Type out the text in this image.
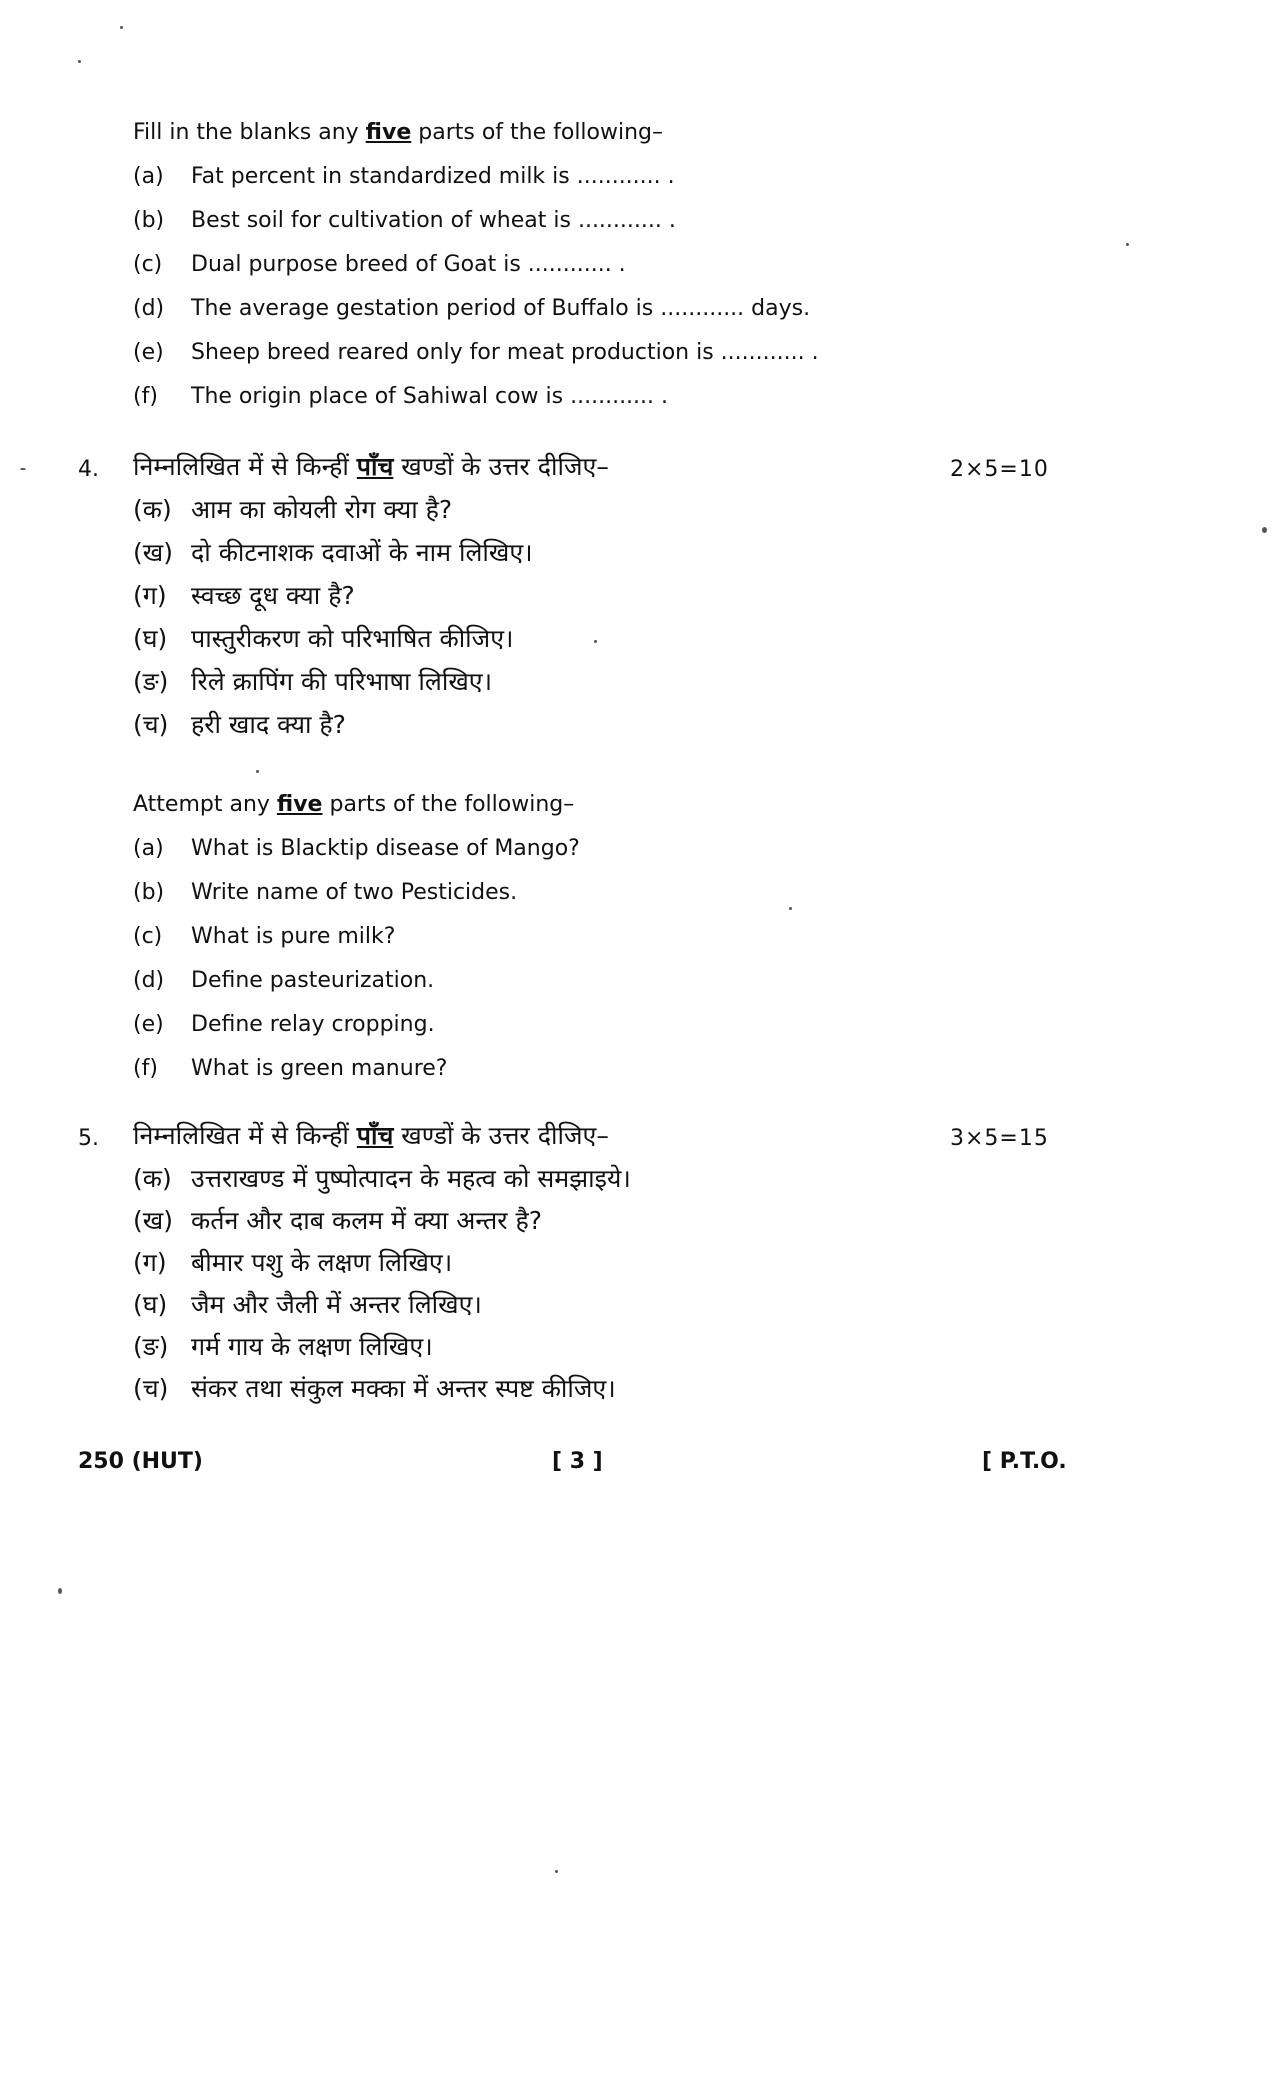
Fill in the blanks any five parts of the following–
(a) Fat percent in standardized milk is ............ .
(b) Best soil for cultivation of wheat is ............ .
(c) Dual purpose breed of Goat is ............ .
(d) The average gestation period of Buffalo is ............ days.
(e) Sheep breed reared only for meat production is ............ .
(f) The origin place of Sahiwal cow is ............ .
4. निम्नलिखित में से किन्हीं पाँच खण्डों के उत्तर दीजिए–	2×5=10
(क) आम का कोयली रोग क्या है?
(ख) दो कीटनाशक दवाओं के नाम लिखिए।
(ग) स्वच्छ दूध क्या है?
(घ) पास्तुरीकरण को परिभाषित कीजिए।
(ङ) रिले क्रापिंग की परिभाषा लिखिए।
(च) हरी खाद क्या है?
Attempt any five parts of the following–
(a) What is Blacktip disease of Mango?
(b) Write name of two Pesticides.
(c) What is pure milk?
(d) Define pasteurization.
(e) Define relay cropping.
(f) What is green manure?
5. निम्नलिखित में से किन्हीं पाँच खण्डों के उत्तर दीजिए–	3×5=15
(क) उत्तराखण्ड में पुष्पोत्पादन के महत्व को समझाइये।
(ख) कर्तन और दाब कलम में क्या अन्तर है?
(ग) बीमार पशु के लक्षण लिखिए।
(घ) जैम और जैली में अन्तर लिखिए।
(ङ) गर्म गाय के लक्षण लिखिए।
(च) संकर तथा संकुल मक्का में अन्तर स्पष्ट कीजिए।
250 (HUT)	[ 3 ]	[ P.T.O.
